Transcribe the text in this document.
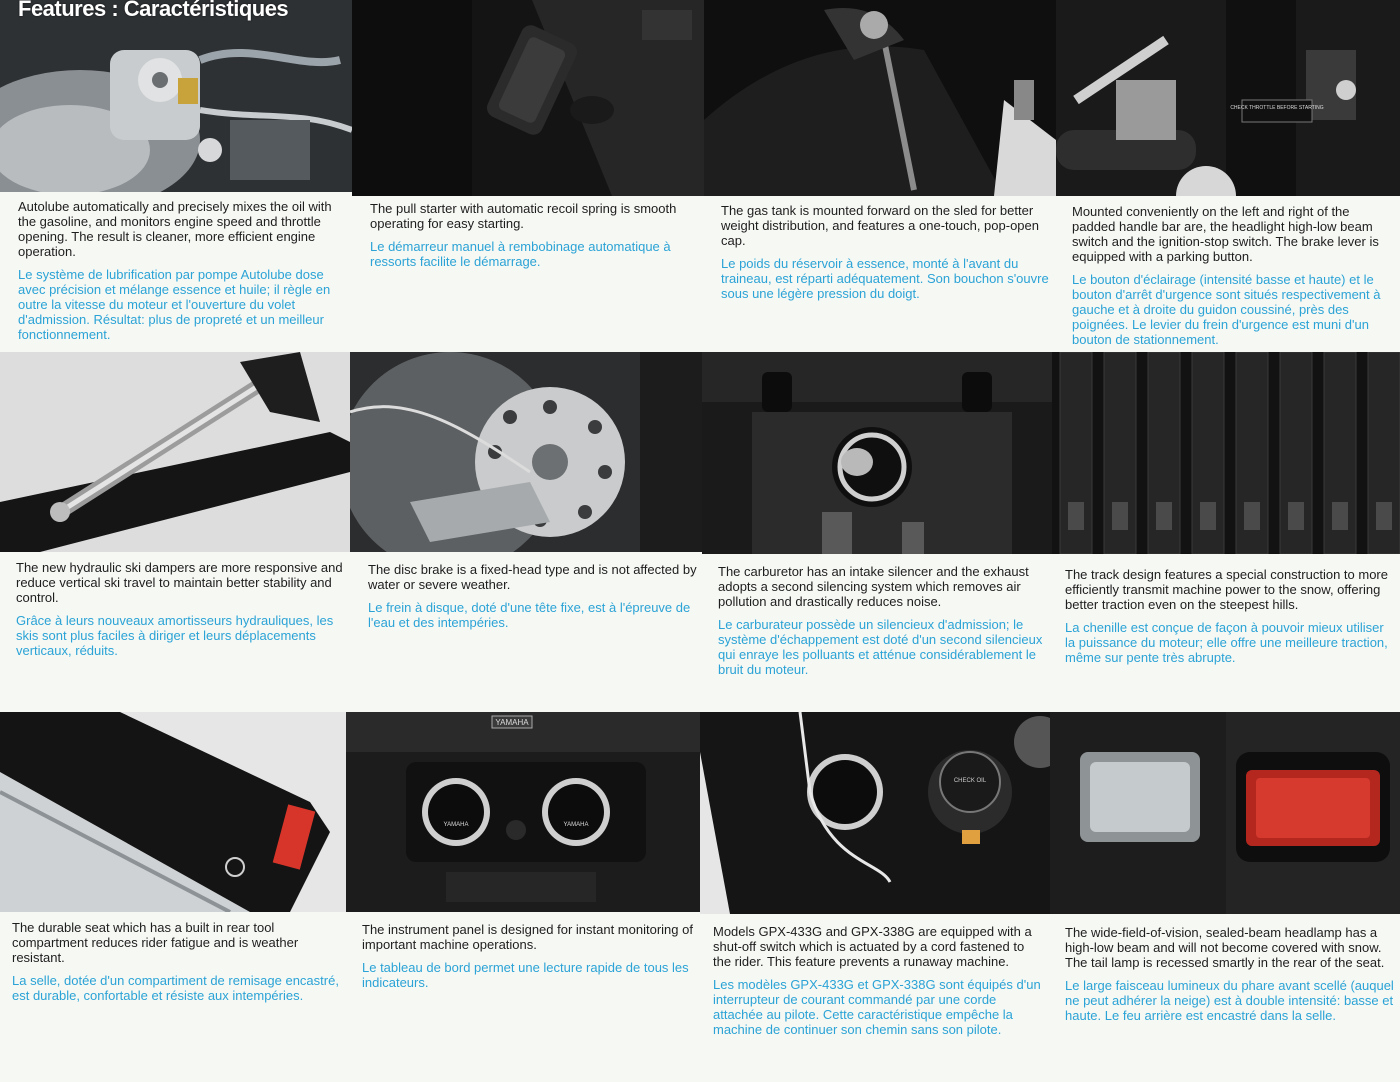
Features : Caractéristiques
CHECK THROTTLE BEFORE STARTING

Autolube automatically and precisely mixes the oil with the gasoline, and monitors engine speed and throttle opening. The result is cleaner, more efficient engine operation.

Le système de lubrification par pompe Autolube dose avec précision et mélange essence et huile; il règle en outre la vitesse du moteur et l'ouverture du volet d'admission. Résultat: plus de propreté et un meilleur fonctionnement.

The pull starter with automatic recoil spring is smooth operating for easy starting.

Le démarreur manuel à rembobinage automatique à ressorts facilite le démarrage.

The gas tank is mounted forward on the sled for better weight distribution, and features a one-touch, pop-open cap.

Le poids du réservoir à essence, monté à l'avant du traineau, est réparti adéquatement. Son bouchon s'ouvre sous une légère pression du doigt.

Mounted conveniently on the left and right of the padded handle bar are, the headlight high-low beam switch and the ignition-stop switch. The brake lever is equipped with a parking button.

Le bouton d'éclairage (intensité basse et haute) et le bouton d'arrêt d'urgence sont situés respectivement à gauche et à droite du guidon coussiné, près des poignées. Le levier du frein d'urgence est muni d'un bouton de stationnement.

The new hydraulic ski dampers are more responsive and reduce vertical ski travel to maintain better stability and control.

Grâce à leurs nouveaux amortisseurs hydrauliques, les skis sont plus faciles à diriger et leurs déplacements verticaux, réduits.

The disc brake is a fixed-head type and is not affected by water or severe weather.

Le frein à disque, doté d'une tête fixe, est à l'épreuve de l'eau et des intempéries.

The carburetor has an intake silencer and the exhaust adopts a second silencing system which removes air pollution and drastically reduces noise.

Le carburateur possède un silencieux d'admission; le système d'échappement est doté d'un second silencieux qui enraye les polluants et atténue considérablement le bruit du moteur.

The track design features a special construction to more efficiently transmit machine power to the snow, offering better traction even on the steepest hills.

La chenille est conçue de façon à pouvoir mieux utiliser la puissance du moteur; elle offre une meilleure traction, même sur pente très abrupte.

YAMAHA
YAMAHA	YAMAHA
CHECK OIL

The durable seat which has a built in rear tool compartment reduces rider fatigue and is weather resistant.

La selle, dotée d'un compartiment de remisage encastré, est durable, confortable et résiste aux intempéries.

The instrument panel is designed for instant monitoring of important machine operations.

Le tableau de bord permet une lecture rapide de tous les indicateurs.

Models GPX-433G and GPX-338G are equipped with a shut-off switch which is actuated by a cord fastened to the rider. This feature prevents a runaway machine.

Les modèles GPX-433G et GPX-338G sont équipés d'un interrupteur de courant commandé par une corde attachée au pilote. Cette caractéristique empêche la machine de continuer son chemin sans son pilote.

The wide-field-of-vision, sealed-beam headlamp has a high-low beam and will not become covered with snow. The tail lamp is recessed smartly in the rear of the seat.

Le large faisceau lumineux du phare avant scellé (auquel ne peut adhérer la neige) est à double intensité: basse et haute. Le feu arrière est encastré dans la selle.
